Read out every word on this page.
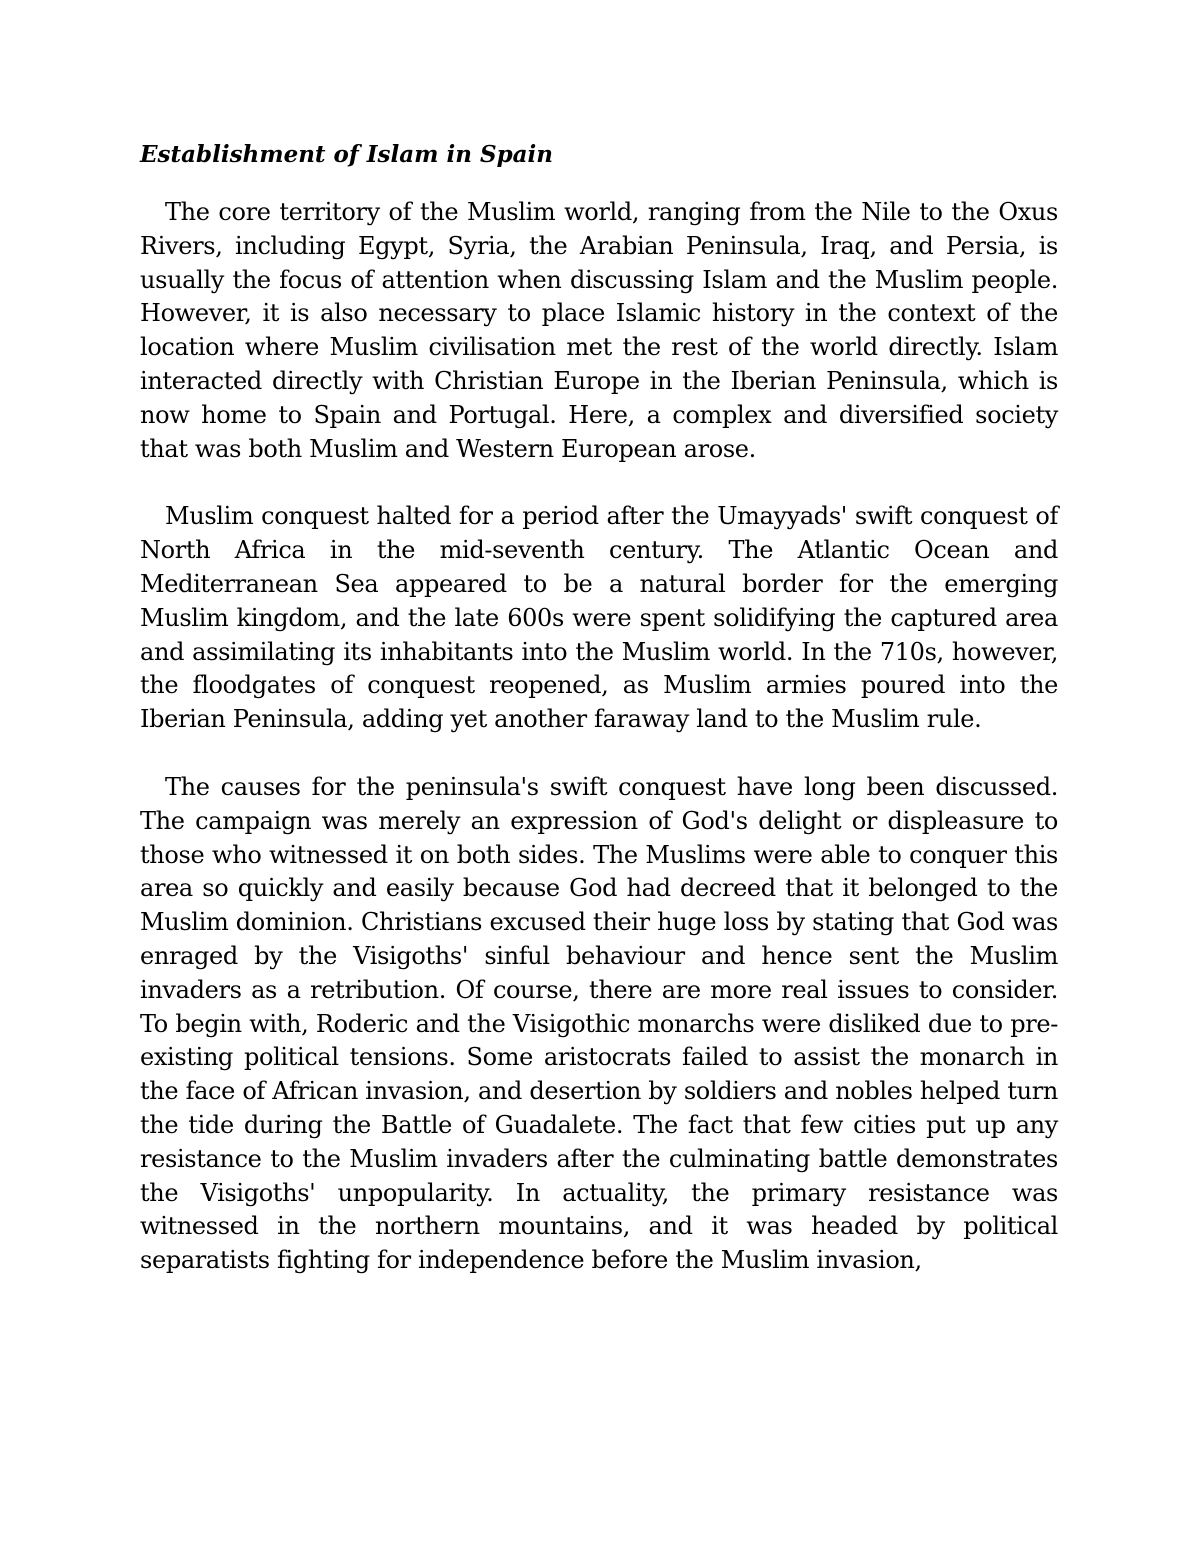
Establishment of Islam in Spain

The core territory of the Muslim world, ranging from the Nile to the Oxus Rivers, including Egypt, Syria, the Arabian Peninsula, Iraq, and Persia, is usually the focus of attention when discussing Islam and the Muslim people. However, it is also necessary to place Islamic history in the context of the location where Muslim civilisation met the rest of the world directly. Islam interacted directly with Christian Europe in the Iberian Peninsula, which is now home to Spain and Portugal. Here, a complex and diversified society that was both Muslim and Western European arose.

Muslim conquest halted for a period after the Umayyads' swift conquest of North Africa in the mid-seventh century. The Atlantic Ocean and Mediterranean Sea appeared to be a natural border for the emerging Muslim kingdom, and the late 600s were spent solidifying the captured area and assimilating its inhabitants into the Muslim world. In the 710s, however, the floodgates of conquest reopened, as Muslim armies poured into the Iberian Peninsula, adding yet another faraway land to the Muslim rule.

The causes for the peninsula's swift conquest have long been discussed. The campaign was merely an expression of God's delight or displeasure to those who witnessed it on both sides. The Muslims were able to conquer this area so quickly and easily because God had decreed that it belonged to the Muslim dominion. Christians excused their huge loss by stating that God was enraged by the Visigoths' sinful behaviour and hence sent the Muslim invaders as a retribution. Of course, there are more real issues to consider. To begin with, Roderic and the Visigothic monarchs were disliked due to pre-existing political tensions. Some aristocrats failed to assist the monarch in the face of African invasion, and desertion by soldiers and nobles helped turn the tide during the Battle of Guadalete. The fact that few cities put up any resistance to the Muslim invaders after the culminating battle demonstrates the Visigoths' unpopularity. In actuality, the primary resistance was witnessed in the northern mountains, and it was headed by political separatists fighting for independence before the Muslim invasion,
